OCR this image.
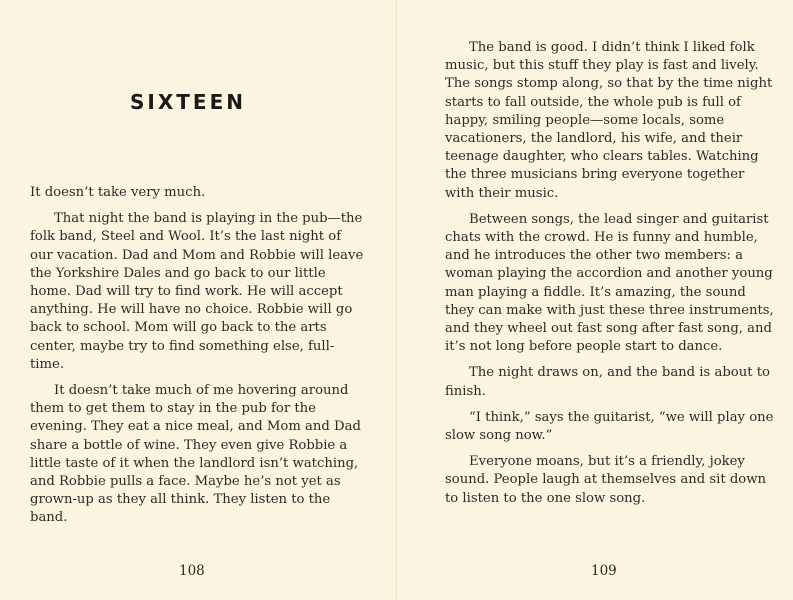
SIXTEEN

It doesn’t take very much.

That night the band is playing in the pub—the folk band, Steel and Wool. It’s the last night of our vacation. Dad and Mom and Robbie will leave the Yorkshire Dales and go back to our little home. Dad will try to find work. He will accept anything. He will have no choice. Robbie will go back to school. Mom will go back to the arts center, maybe try to find something else, full-time.

It doesn’t take much of me hovering around them to get them to stay in the pub for the evening. They eat a nice meal, and Mom and Dad share a bottle of wine. They even give Robbie a little taste of it when the landlord isn’t watching, and Robbie pulls a face. Maybe he’s not yet as grown-up as they all think. They listen to the band.

108

The band is good. I didn’t think I liked folk music, but this stuff they play is fast and lively. The songs stomp along, so that by the time night starts to fall outside, the whole pub is full of happy, smiling people—some locals, some vacationers, the landlord, his wife, and their teenage daughter, who clears tables. Watching the three musicians bring everyone together with their music.

Between songs, the lead singer and guitarist chats with the crowd. He is funny and humble, and he introduces the other two members: a woman playing the accordion and another young man playing a fiddle. It’s amazing, the sound they can make with just these three instruments, and they wheel out fast song after fast song, and it’s not long before people start to dance.

The night draws on, and the band is about to finish.

“I think,” says the guitarist, “we will play one slow song now.”

Everyone moans, but it’s a friendly, jokey sound. People laugh at themselves and sit down to listen to the one slow song.

109
